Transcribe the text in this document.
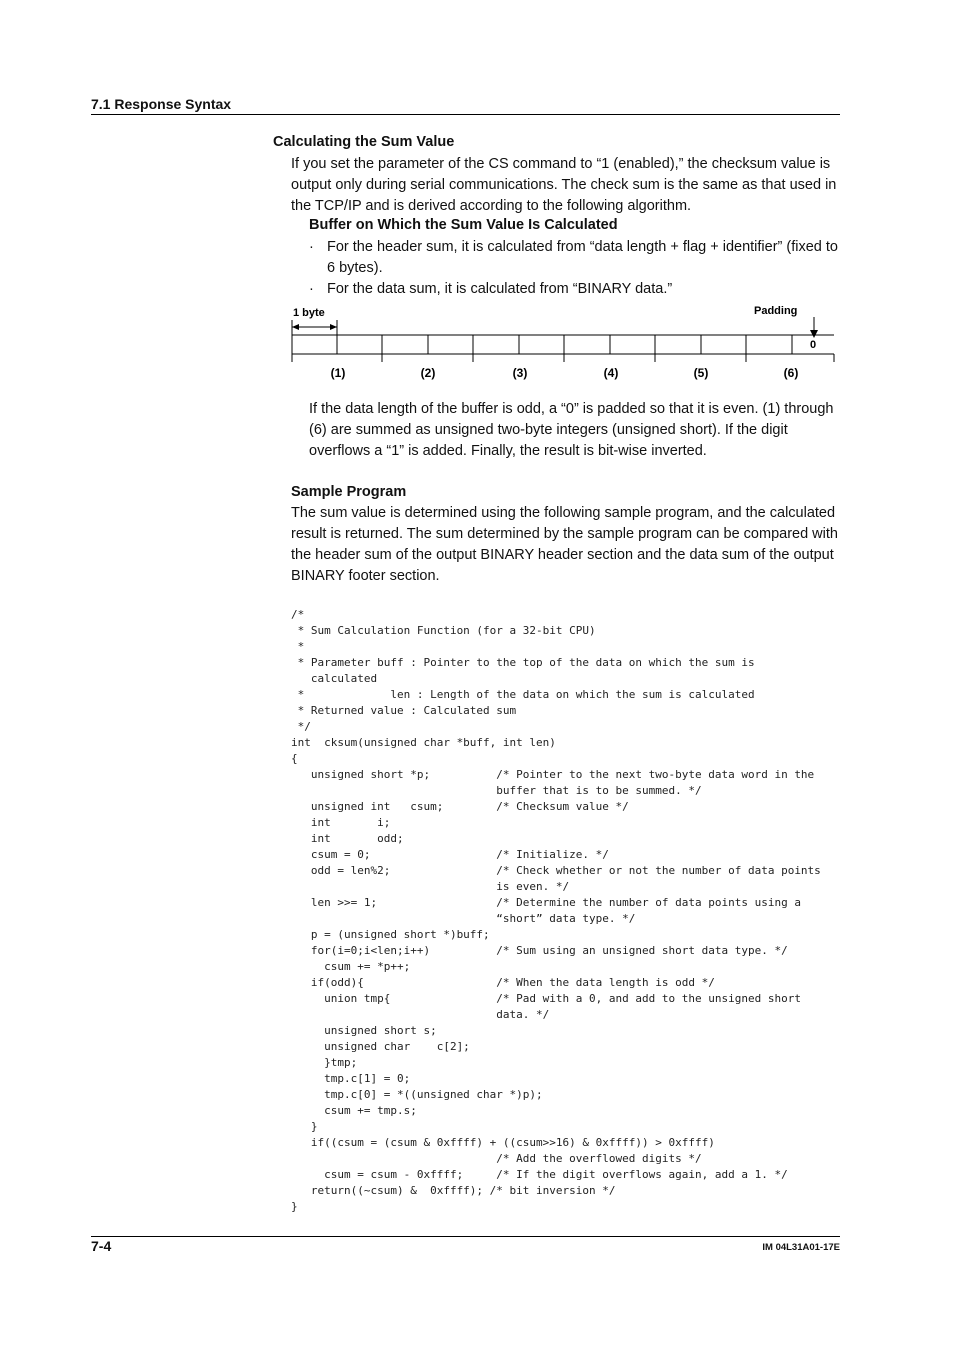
7.1 Response Syntax
Calculating the Sum Value
If you set the parameter of the CS command to “1 (enabled),” the checksum value is output only during serial communications. The check sum is the same as that used in the TCP/IP and is derived according to the following algorithm.
Buffer on Which the Sum Value Is Calculated
· For the header sum, it is calculated from “data length + flag + identifier” (fixed to 6 bytes).
· For the data sum, it is calculated from “BINARY data.”
1 byte	Padding
0
(1)	(2)	(3)	(4)	(5)	(6)
If the data length of the buffer is odd, a “0” is padded so that it is even. (1) through (6) are summed as unsigned two-byte integers (unsigned short). If the digit overflows a “1” is added. Finally, the result is bit-wise inverted.
Sample Program
The sum value is determined using the following sample program, and the calculated result is returned. The sum determined by the sample program can be compared with the header sum of the output BINARY header section and the data sum of the output BINARY footer section.
/*
* Sum Calculation Function (for a 32-bit CPU)
*
* Parameter buff : Pointer to the top of the data on which the sum is
calculated
*             len : Length of the data on which the sum is calculated
* Returned value : Calculated sum
*/
int  cksum(unsigned char *buff, int len)
{
unsigned short *p;          /* Pointer to the next two-byte data word in the
buffer that is to be summed. */
unsigned int   csum;        /* Checksum value */
int       i;
int       odd;
csum = 0;                   /* Initialize. */
odd = len%2;                /* Check whether or not the number of data points
is even. */
len >>= 1;                  /* Determine the number of data points using a
“short” data type. */
p = (unsigned short *)buff;
for(i=0;i<len;i++)          /* Sum using an unsigned short data type. */
csum += *p++;
if(odd){                    /* When the data length is odd */
union tmp{                /* Pad with a 0, and add to the unsigned short
data. */
unsigned short s;
unsigned char    c[2];
}tmp;
tmp.c[1] = 0;
tmp.c[0] = *((unsigned char *)p);
csum += tmp.s;
}
if((csum = (csum & 0xffff) + ((csum>>16) & 0xffff)) > 0xffff)
/* Add the overflowed digits */
csum = csum - 0xffff;     /* If the digit overflows again, add a 1. */
return((~csum) &  0xffff); /* bit inversion */
}
7-4	IM 04L31A01-17E
